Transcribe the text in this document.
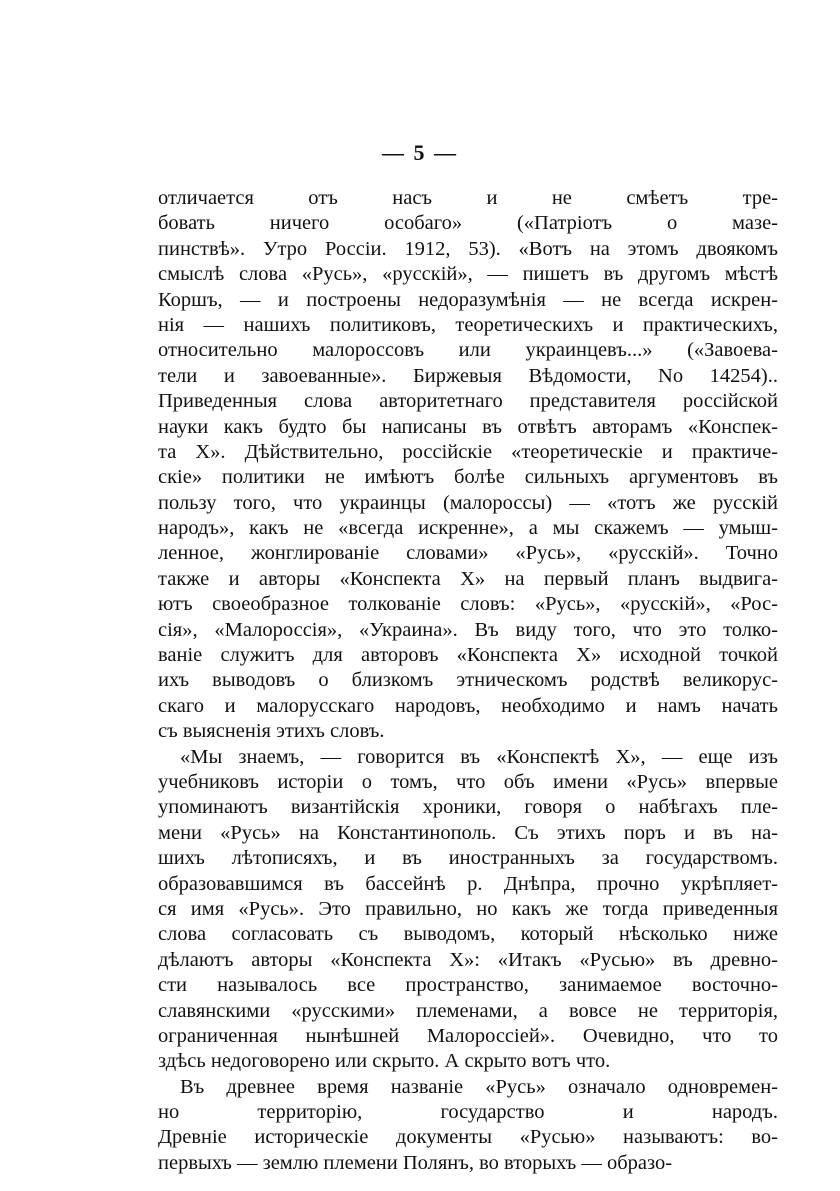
— 5 —
отличается отъ насъ и не смѣетъ тре-
бовать ничего особаго» («Патріотъ о мазе-
пинствѣ». Утро Россіи. 1912, 53). «Вотъ на этомъ двоякомъ
смыслѣ слова «Русь», «русскій», — пишетъ въ другомъ мѣстѣ
Коршъ, — и построены недоразумѣнія — не всегда искрен-
нія — нашихъ политиковъ, теоретическихъ и практическихъ,
относительно малороссовъ или украинцевъ...» («Завоева-
тели и завоеванные». Биржевыя Вѣдомости, No 14254)..
Приведенныя слова авторитетнаго представителя россійской
науки какъ будто бы написаны въ отвѣтъ авторамъ «Конспек-
та Х». Дѣйствительно, россійскіе «теоретическіе и практиче-
скіе» политики не имѣютъ болѣе сильныхъ аргументовъ въ
пользу того, что украинцы (малороссы) — «тотъ же русскій
народъ», какъ не «всегда искренне», а мы скажемъ — умыш-
ленное, жонглированіе словами» «Русь», «русскій». Точно
также и авторы «Конспекта Х» на первый планъ выдвига-
ютъ своеобразное толкованіе словъ: «Русь», «русскій», «Рос-
сія», «Малороссія», «Украина». Въ виду того, что это толко-
ваніе служитъ для авторовъ «Конспекта Х» исходной точкой
ихъ выводовъ о близкомъ этническомъ родствѣ великорус-
скаго и малорусскаго народовъ, необходимо и намъ начать
съ выясненія этихъ словъ.
«Мы знаемъ, — говорится въ «Конспектѣ Х», — еще изъ
учебниковъ исторіи о томъ, что объ имени «Русь» впервые
упоминаютъ византійскія хроники, говоря о набѣгахъ пле-
мени «Русь» на Константинополь. Съ этихъ поръ и въ на-
шихъ лѣтописяхъ, и въ иностранныхъ за государствомъ.
образовавшимся въ бассейнѣ р. Днѣпра, прочно укрѣпляет-
ся имя «Русь». Это правильно, но какъ же тогда приведенныя
слова согласовать съ выводомъ, который нѣсколько ниже
дѣлаютъ авторы «Конспекта Х»: «Итакъ «Русью» въ древно-
сти называлось все пространство, занимаемое восточно-
славянскими «русскими» племенами, а вовсе не территорія,
ограниченная нынѣшней Малороссіей». Очевидно, что то
здѣсь недоговорено или скрыто. А скрыто вотъ что.
Въ древнее время названіе «Русь» означало одновремен-
но территорію, государство и народъ.
Древніе историческіе документы «Русью» называютъ: во-
первыхъ — землю племени Полянъ, во вторыхъ — образо-
